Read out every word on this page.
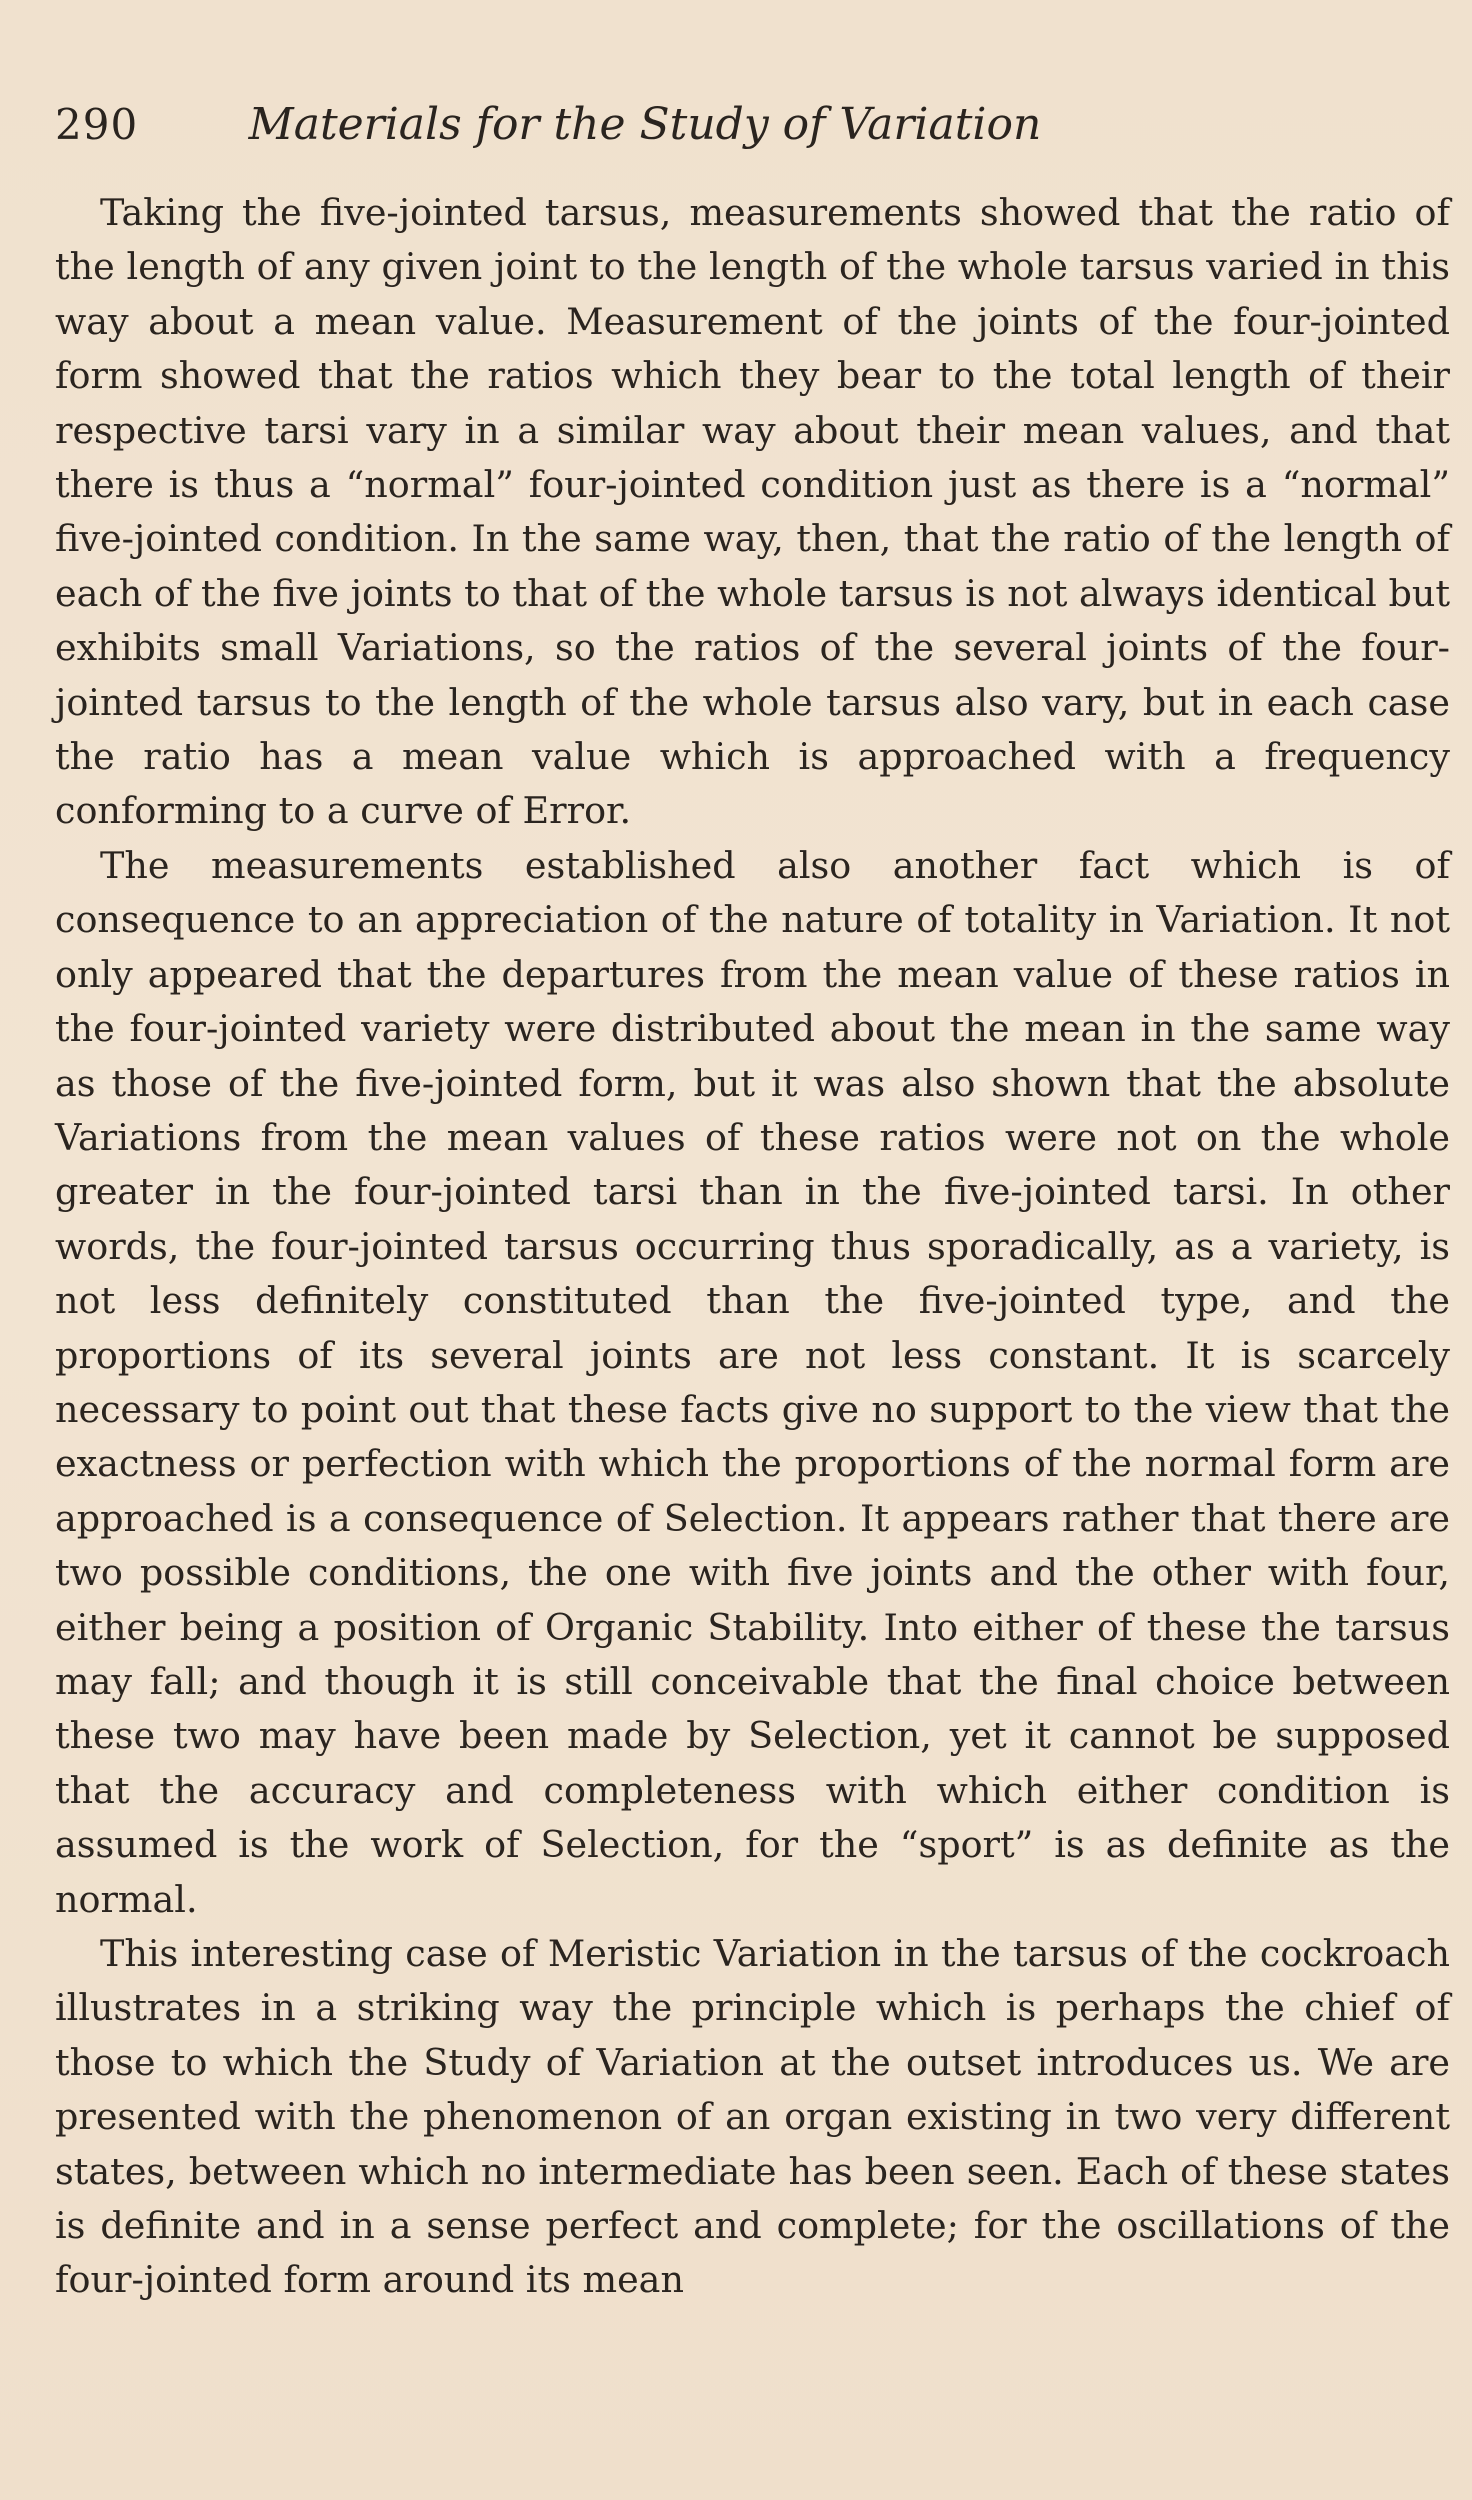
290	Materials for the Study of Variation

Taking the five-jointed tarsus, measurements showed that the ratio of the length of any given joint to the length of the whole tarsus varied in this way about a mean value. Measurement of the joints of the four-jointed form showed that the ratios which they bear to the total length of their respective tarsi vary in a similar way about their mean values, and that there is thus a “normal” four-jointed condition just as there is a “normal” five-jointed condition. In the same way, then, that the ratio of the length of each of the five joints to that of the whole tarsus is not always identical but exhibits small Variations, so the ratios of the several joints of the four-jointed tarsus to the length of the whole tarsus also vary, but in each case the ratio has a mean value which is approached with a frequency conforming to a curve of Error.

The measurements established also another fact which is of consequence to an appreciation of the nature of totality in Variation. It not only appeared that the departures from the mean value of these ratios in the four-jointed variety were distributed about the mean in the same way as those of the five-jointed form, but it was also shown that the absolute Variations from the mean values of these ratios were not on the whole greater in the four-jointed tarsi than in the five-jointed tarsi. In other words, the four-jointed tarsus occurring thus sporadically, as a variety, is not less definitely constituted than the five-jointed type, and the proportions of its several joints are not less constant. It is scarcely necessary to point out that these facts give no support to the view that the exactness or perfection with which the proportions of the normal form are approached is a consequence of Selection. It appears rather that there are two possible conditions, the one with five joints and the other with four, either being a position of Organic Stability. Into either of these the tarsus may fall; and though it is still conceivable that the final choice between these two may have been made by Selection, yet it cannot be supposed that the accuracy and completeness with which either condition is assumed is the work of Selection, for the “sport” is as definite as the normal.

This interesting case of Meristic Variation in the tarsus of the cockroach illustrates in a striking way the principle which is perhaps the chief of those to which the Study of Variation at the outset introduces us. We are presented with the phenomenon of an organ existing in two very different states, between which no intermediate has been seen. Each of these states is definite and in a sense perfect and complete; for the oscillations of the four-jointed form around its mean
